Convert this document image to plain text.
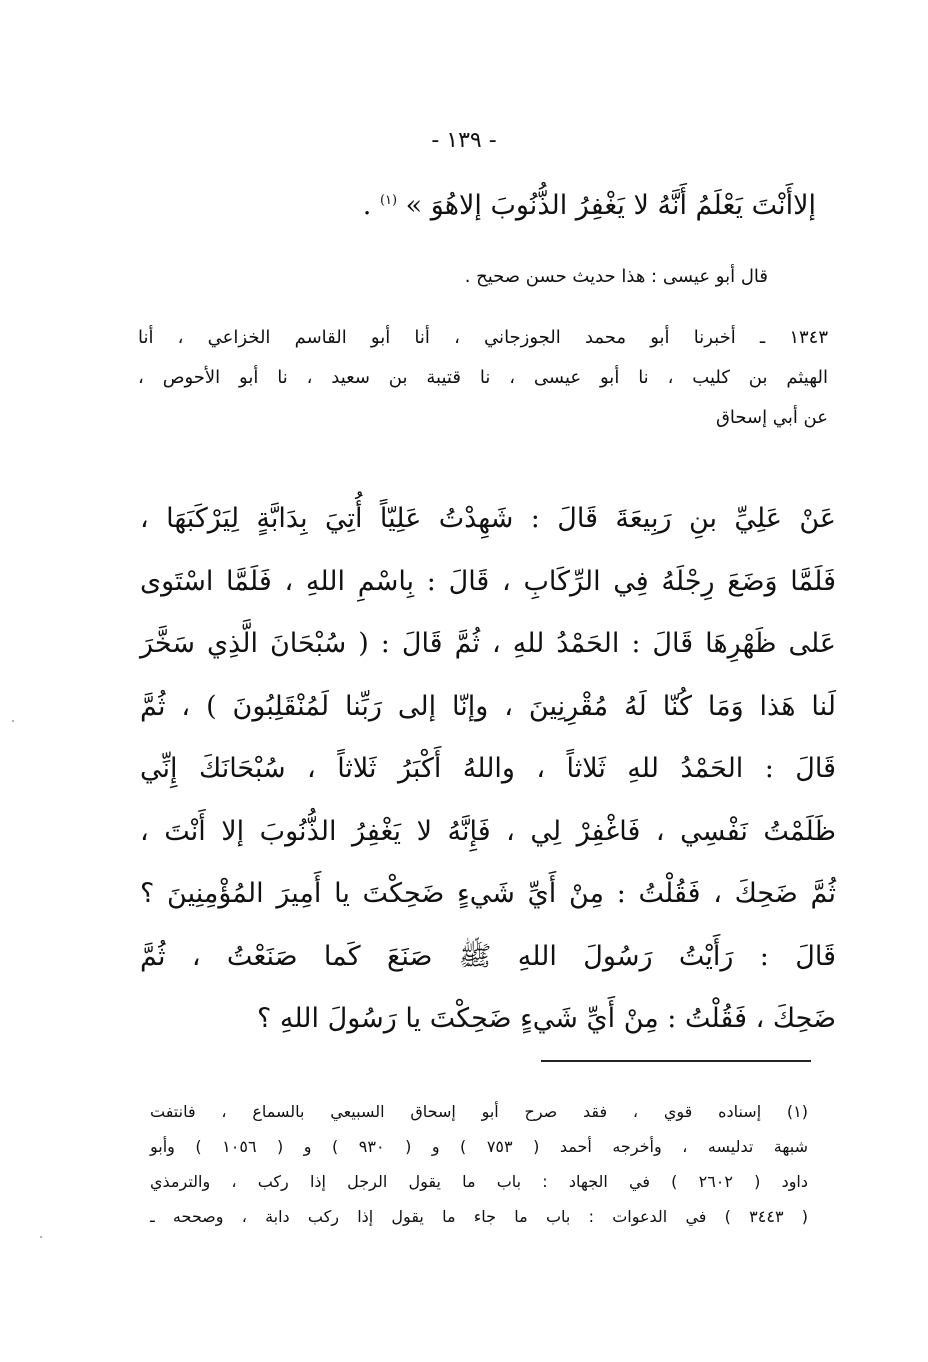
- ١٣٩ -
إلاأَنْتَ يَعْلَمُ أَنَّهُ لا يَغْفِرُ الذُّنُوبَ إلاهُوَ » $^{(١)}$ .
قال أبو عيسى : هذا حديث حسن صحيح .
١٣٤٣ ـ أخبرنا أبو محمد الجوزجاني ، أنا أبو القاسم الخزاعي ، أنا
الهيثم بن كليب ، نا أبو عيسى ، نا قتيبة بن سعيد ، نا أبو الأحوص ،
عن أبي إسحاق
عَنْ عَلِيِّ بنِ رَبِيعَةَ قَالَ : شَهِدْتُ عَلِيّاً أُتِيَ بِدَابَّةٍ لِيَرْكَبَهَا ،
فَلَمَّا وَضَعَ رِجْلَهُ فِي الرِّكَابِ ، قَالَ : بِاسْمِ اللهِ ، فَلَمَّا اسْتَوى
عَلى ظَهْرِهَا قَالَ : الحَمْدُ للهِ ، ثُمَّ قَالَ : ( سُبْحَانَ الَّذِي سَخَّرَ
لَنا هَذا وَمَا كُنّا لَهُ مُقْرِنِينَ ، وإنّا إلى رَبِّنا لَمُنْقَلِبُونَ ) ، ثُمَّ
قَالَ : الحَمْدُ للهِ ثَلاثاً ، واللهُ أَكْبَرُ ثَلاثاً ، سُبْحَانَكَ إِنِّي
ظَلَمْتُ نَفْسِي ، فَاغْفِرْ لِي ، فَإِنَّهُ لا يَغْفِرُ الذُّنُوبَ إلا أَنْتَ ،
ثُمَّ ضَحِكَ ، فَقُلْتُ : مِنْ أَيِّ شَيءٍ ضَحِكْتَ يا أَمِيرَ المُؤْمِنِينَ ؟
قَالَ : رَأَيْتُ رَسُولَ اللهِ ﷺ صَنَعَ كَما صَنَعْتُ ، ثُمَّ
ضَحِكَ ، فَقُلْتُ : مِنْ أَيِّ شَيءٍ ضَحِكْتَ يا رَسُولَ اللهِ ؟
(١) إسناده قوي ، فقد صرح أبو إسحاق السبيعي بالسماع ، فانتفت
شبهة تدليسه ، وأخرجه أحمد ( ٧٥٣ ) و ( ٩٣٠ ) و ( ١٠٥٦ ) وأبو
داود ( ٢٦٠٢ ) في الجهاد : باب ما يقول الرجل إذا ركب ، والترمذي
( ٣٤٤٣ ) في الدعوات : باب ما جاء ما يقول إذا ركب دابة ، وصححه ـ
